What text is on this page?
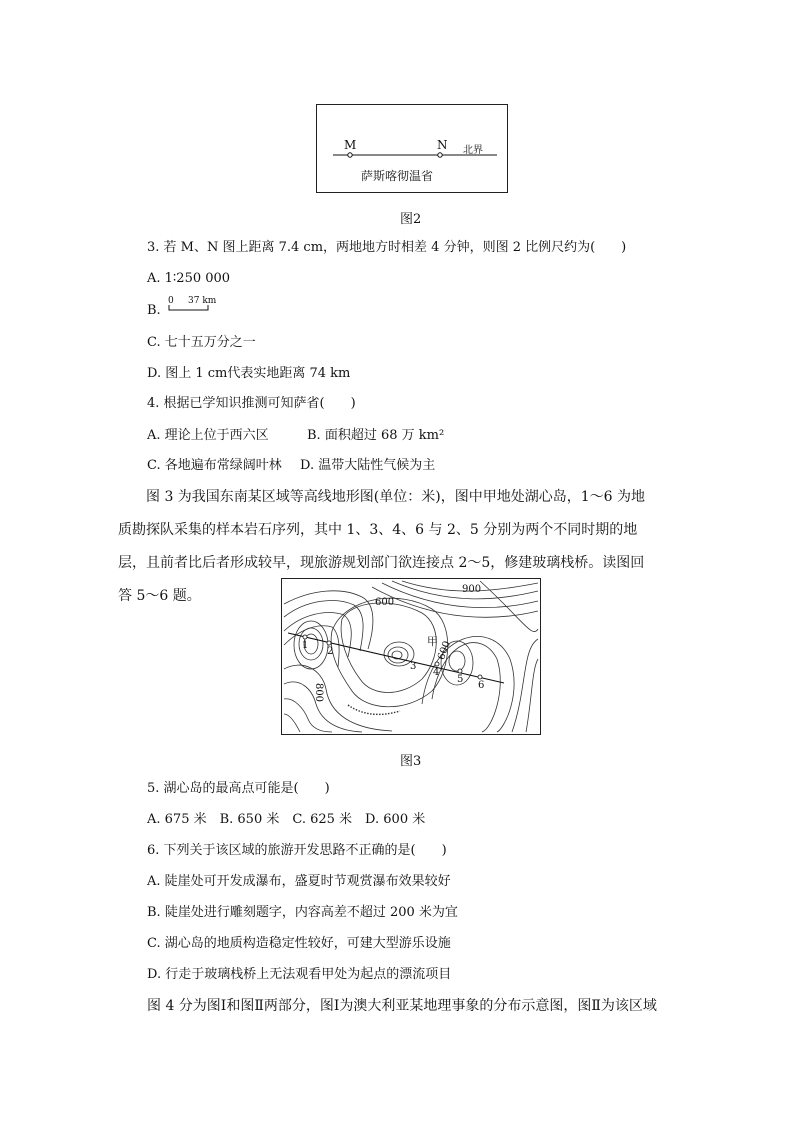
M	N 北界
萨斯喀彻温省
图2
3. 若 M、N 图上距离 7.4 cm，两地地方时相差 4 分钟，则图 2 比例尺约为(　　)
A. 1∶250 000
B.
0 37 km
C. 七十五万分之一
D. 图上 1 cm代表实地距离 74 km
4. 根据已学知识推测可知萨省(　　)
A. 理论上位于西六区	B. 面积超过 68 万 km²
C. 各地遍布常绿阔叶林 D. 温带大陆性气候为主
图 3 为我国东南某区域等高线地形图(单位：米)，图中甲地处湖心岛，1～6 为地质勘探队采集的样本岩石序列，其中 1、3、4、6 与 2、5 分别为两个不同时期的地层，且前者比后者形成较早，现旅游规划部门欲连接点 2～5，修建玻璃栈桥。读图回答 5～6 题。	900
600
800
甲
600
1
2
4
5
6
3
图3
5. 湖心岛的最高点可能是(　　)
A. 675 米　B. 650 米　C. 625 米　D. 600 米
6. 下列关于该区域的旅游开发思路不正确的是(　　)
A. 陡崖处可开发成瀑布，盛夏时节观赏瀑布效果较好
B. 陡崖处进行雕刻题字，内容高差不超过 200 米为宜
C. 湖心岛的地质构造稳定性较好，可建大型游乐设施
D. 行走于玻璃栈桥上无法观看甲处为起点的漂流项目
图 4 分为图Ⅰ和图Ⅱ两部分，图Ⅰ为澳大利亚某地理事象的分布示意图，图Ⅱ为该区域
